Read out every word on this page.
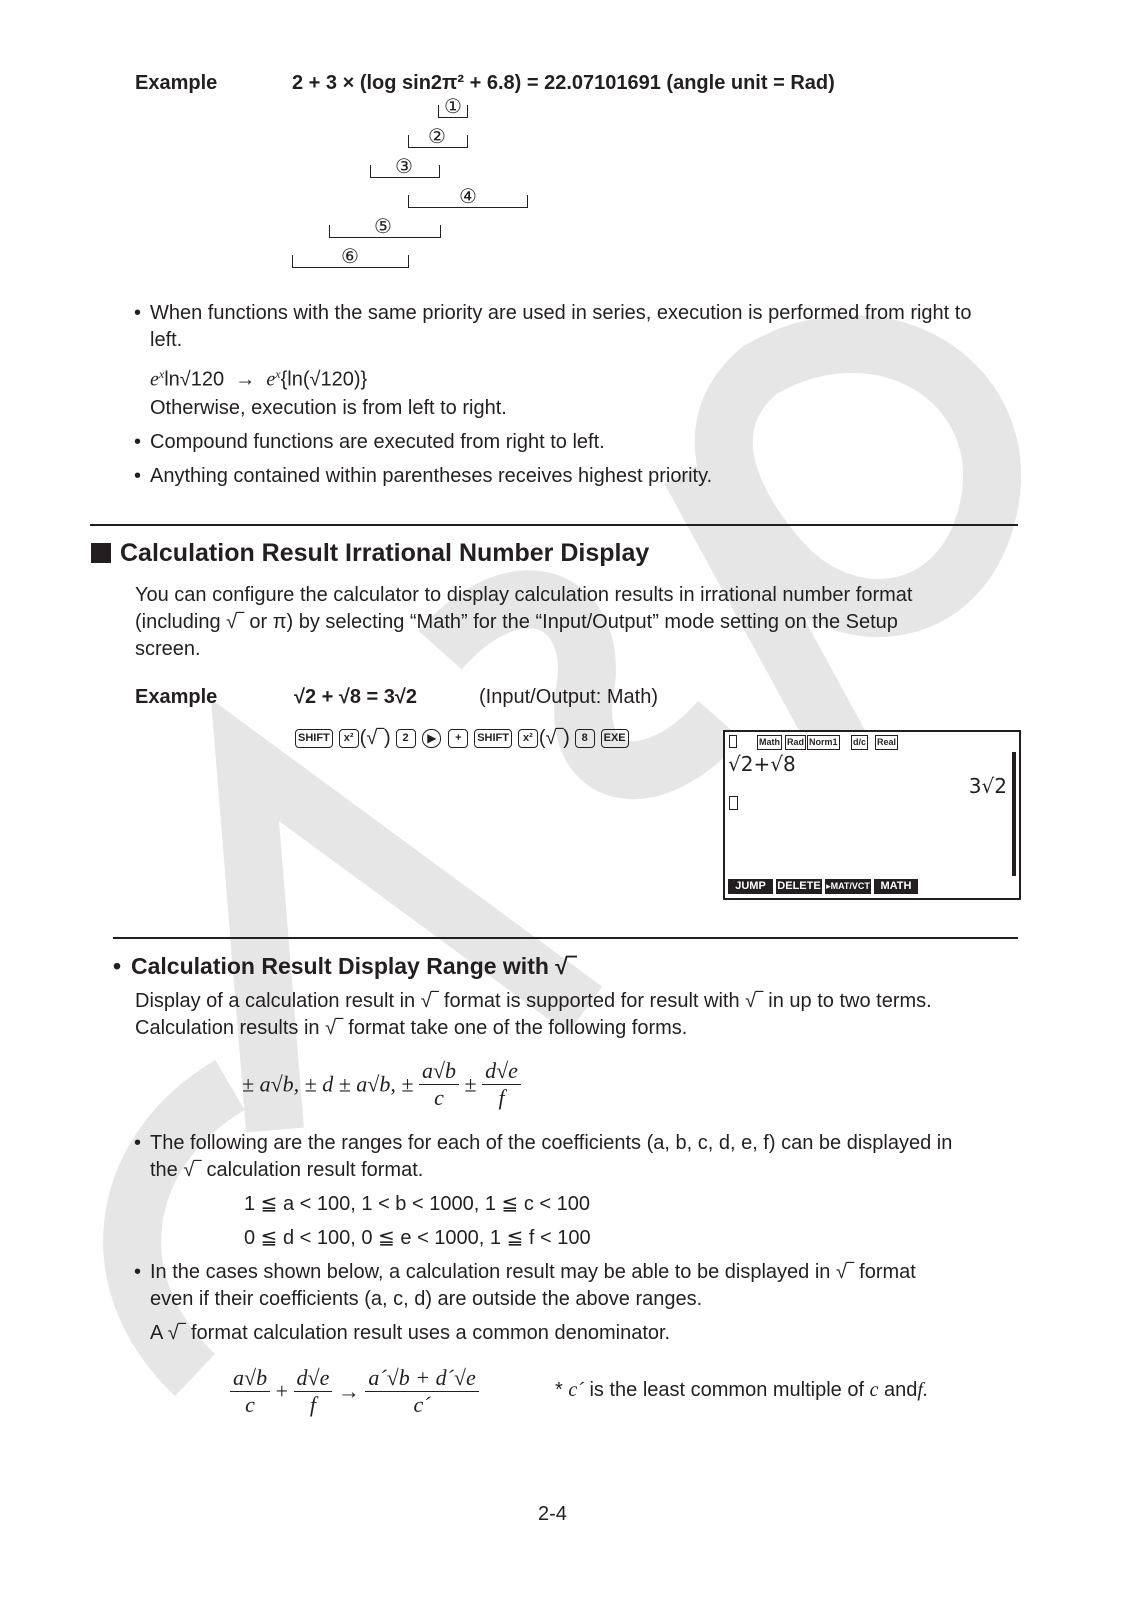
Example	2 + 3 × (log sin2π² + 6.8) = 22.07101691 (angle unit = Rad)
①
②
③
④
⑤
⑥
• When functions with the same priority are used in series, execution is performed from right to
left.
$e^x\ln√120 \to e^x\{\ln(√120)\}$
Otherwise, execution is from left to right.
• Compound functions are executed from right to left.
• Anything contained within parentheses receives highest priority.
Calculation Result Irrational Number Display
You can configure the calculator to display calculation results in irrational number format
(including √‾ or π) by selecting “Math” for the “Input/Output” mode setting on the Setup
screen.
Example	√2 + √8 = 3√2	(Input/Output: Math)
SHIFT x² (√‾) 2 ▶ + SHIFT x² (√‾) 8 EXE	Math Rad Norm1 d/c Real
√2+√8
3√2
JUMP	DELETE ▸MAT/VCT MATH
• Calculation Result Display Range with √‾
Display of a calculation result in √‾ format is supported for result with √‾ in up to two terms.
Calculation results in √‾ format take one of the following forms.
± a√b, ± d ± a√b, ± $\frac{a√b}{c} \pm \frac{d√e}{f}$
• The following are the ranges for each of the coefficients (a, b, c, d, e, f) can be displayed in
the √‾ calculation result format.
1 ≦ a < 100, 1 < b < 1000, 1 ≦ c < 100
0 ≦ d < 100, 0 ≦ e < 1000, 1 ≦ f < 100
• In the cases shown below, a calculation result may be able to be displayed in √‾ format
even if their coefficients (a, c, d) are outside the above ranges.
A √‾ format calculation result uses a common denominator.
$\frac{a√b}{c} + \frac{d√e}{f} \to \frac{a´√b + d´√e}{c´}$	* c´ is the least common multiple of c andf.
2-4
